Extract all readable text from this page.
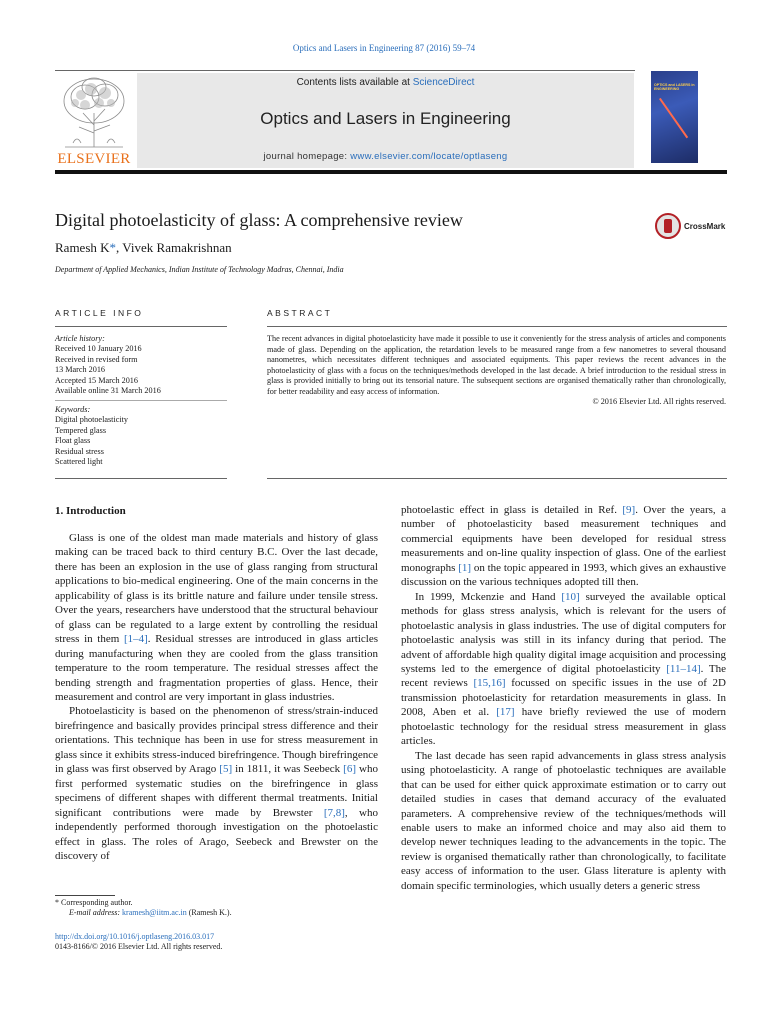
Optics and Lasers in Engineering 87 (2016) 59–74
ELSEVIER
Contents lists available at ScienceDirect
Optics and Lasers in Engineering
journal homepage: www.elsevier.com/locate/optlaseng
OPTICS and LASERS in ENGINEERING
Digital photoelasticity of glass: A comprehensive review
Ramesh K*, Vivek Ramakrishnan
Department of Applied Mechanics, Indian Institute of Technology Madras, Chennai, India
CrossMark
ARTICLE INFO
Article history:
Received 10 January 2016
Received in revised form
13 March 2016
Accepted 15 March 2016
Available online 31 March 2016
Keywords:
Digital photoelasticity
Tempered glass
Float glass
Residual stress
Scattered light
ABSTRACT
The recent advances in digital photoelasticity have made it possible to use it conveniently for the stress analysis of articles and components made of glass. Depending on the application, the retardation levels to be measured range from a few nanometres to several thousand nanometres, which necessitates different techniques and associated equipments. This paper reviews the recent advances in the photoelasticity of glass with a focus on the techniques/methods developed in the last decade. A brief introduction to the residual stress in glass is provided initially to bring out its tensorial nature. The subsequent sections are organised thematically rather than chronologically, for better readability and easy access of information.
© 2016 Elsevier Ltd. All rights reserved.
1. Introduction

Glass is one of the oldest man made materials and history of glass making can be traced back to third century B.C. Over the last decade, there has been an explosion in the use of glass ranging from structural applications to bio-medical engineering. One of the main concerns in the applicability of glass is its brittle nature and failure under tensile stress. Over the years, researchers have understood that the structural behaviour of glass can be regulated to a large extent by controlling the residual stress in them [1–4]. Residual stresses are introduced in glass articles during manufacturing when they are cooled from the glass transition temperature to the room temperature. The residual stresses affect the bending strength and fragmentation properties of glass. Hence, their measurement and control are very important in glass industries.

Photoelasticity is based on the phenomenon of stress/strain-induced birefringence and basically provides principal stress difference and their orientations. This technique has been in use for stress measurement in glass since it exhibits stress-induced birefringence. Though birefringence in glass was first observed by Arago [5] in 1811, it was Seebeck [6] who first performed systematic studies on the birefringence in glass specimens of different shapes with different thermal treatments. Initial significant contributions were made by Brewster [7,8], who independently performed thorough investigation on the photoelastic effect in glass. The roles of Arago, Seebeck and Brewster on the discovery of

photoelastic effect in glass is detailed in Ref. [9]. Over the years, a number of photoelasticity based measurement techniques and commercial equipments have been developed for residual stress measurements and on-line quality inspection of glass. One of the earliest monographs [1] on the topic appeared in 1993, which gives an exhaustive discussion on the various techniques adopted till then.

In 1999, Mckenzie and Hand [10] surveyed the available optical methods for glass stress analysis, which is relevant for the users of photoelastic analysis in glass industries. The use of digital computers for photoelastic analysis was still in its infancy during that period. The advent of affordable high quality digital image acquisition and processing systems led to the emergence of digital photoelasticity [11–14]. The recent reviews [15,16] focussed on specific issues in the use of 2D transmission photoelasticity for retardation measurements in glass. In 2008, Aben et al. [17] have briefly reviewed the use of modern photoelastic technology for the residual stress measurement in glass articles.

The last decade has seen rapid advancements in glass stress analysis using photoelasticity. A range of photoelastic techniques are available that can be used for either quick approximate estimation or to carry out detailed studies in cases that demand accuracy of the evaluated parameters. A comprehensive review of the techniques/methods will enable users to make an informed choice and may also aid them to develop newer techniques leading to the advancements in the topic. The review is organised thematically rather than chronologically, to facilitate easy access of information to the user. Glass literature is aplenty with domain specific terminologies, which usually deters a generic stress

* Corresponding author.
E-mail address: kramesh@iitm.ac.in (Ramesh K.).
http://dx.doi.org/10.1016/j.optlaseng.2016.03.017
0143-8166/© 2016 Elsevier Ltd. All rights reserved.
